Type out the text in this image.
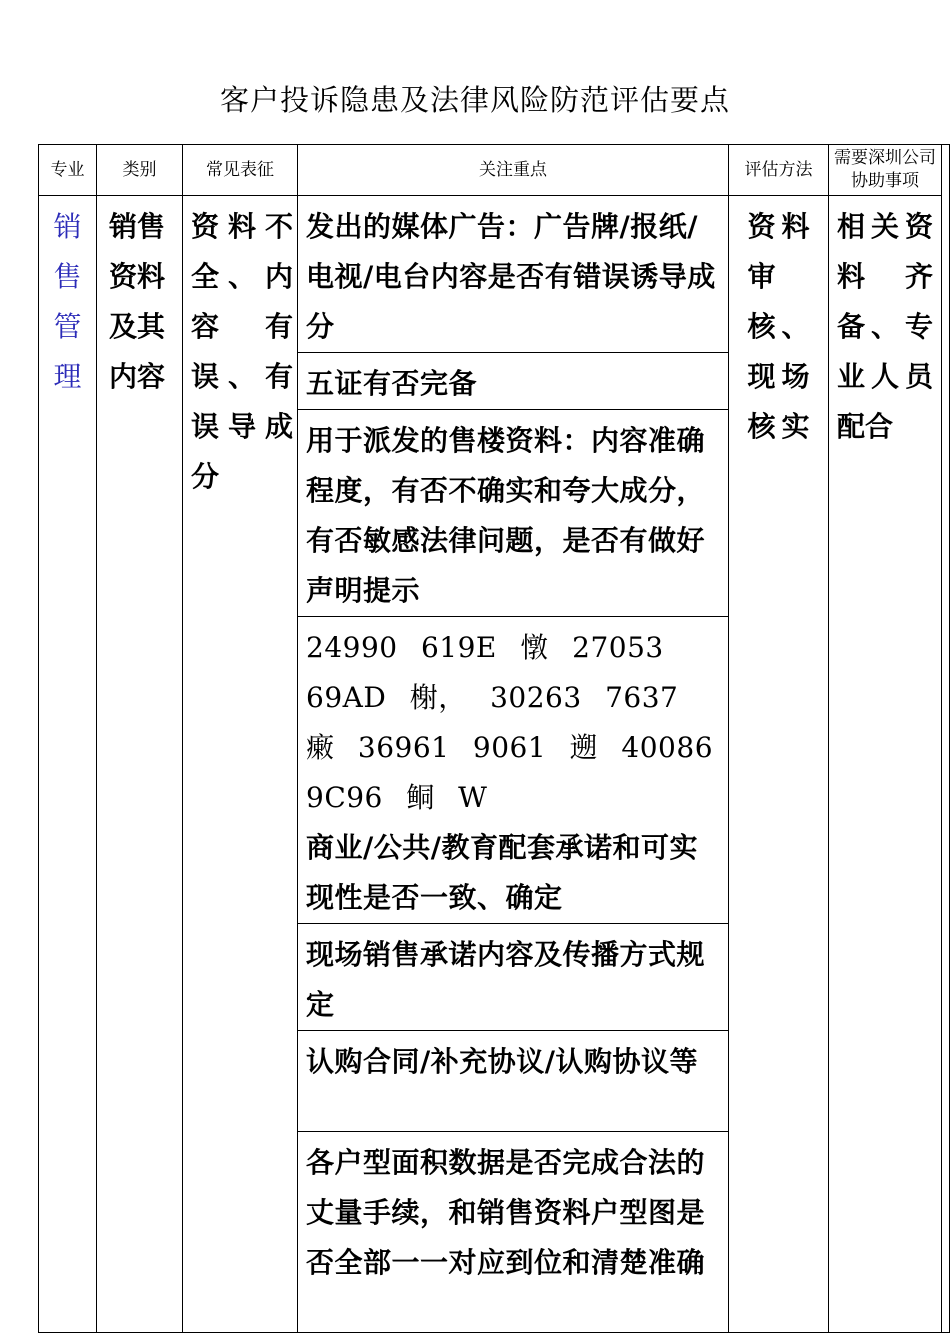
客户投诉隐患及法律风险防范评估要点
专业	类别	常见表征	关注重点	评估方法	需要深圳公司协助事项	

销售管理	销售资料及其内容	资料不全、内容有误、有误导成分	发出的媒体广告：广告牌/报纸/电视/电台内容是否有错误诱导成分	资料审核、现场核实	相关资料齐备、专业人员配合	
			五证有否完备			
			用于派发的售楼资料：内容准确程度，有否不确实和夸大成分，有否敏感法律问题，是否有做好声明提示			
			24990 619E 憞 27053 69AD 榭， 30263 7637 瘷 36961 9061 遡 40086 9C96 鲖 W			
			商业/公共/教育配套承诺和可实现性是否一致、确定			
			现场销售承诺内容及传播方式规定			
			认购合同/补充协议/认购协议等			
			各户型面积数据是否完成合法的丈量手续，和销售资料户型图是否全部一一对应到位和清楚准确			
